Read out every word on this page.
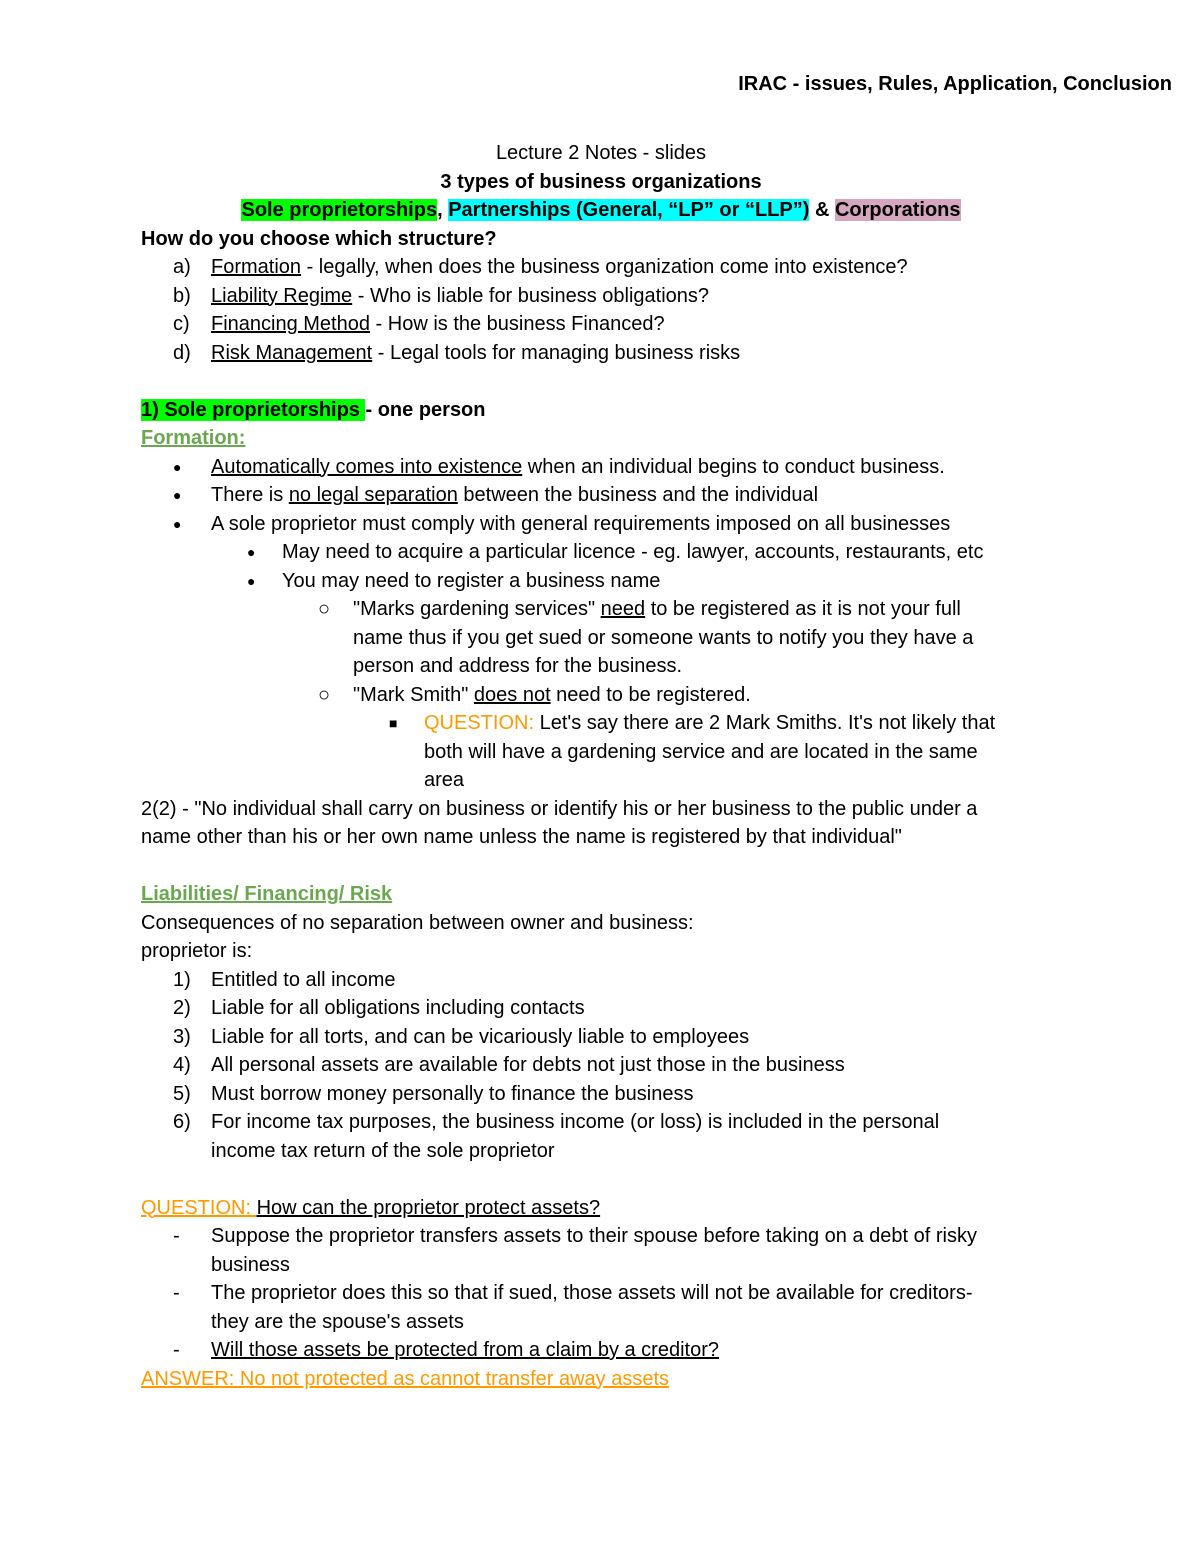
IRAC - issues, Rules, Application, Conclusion
Lecture 2 Notes - slides
3 types of business organizations
Sole proprietorships, Partnerships (General, “LP” or “LLP”) & Corporations
How do you choose which structure?
a)	Formation - legally, when does the business organization come into existence?
b)	Liability Regime - Who is liable for business obligations?
c)	Financing Method - How is the business Financed?
d)	Risk Management - Legal tools for managing business risks
1) Sole proprietorships - one person
Formation:
●	Automatically comes into existence when an individual begins to conduct business.
●	There is no legal separation between the business and the individual
●	A sole proprietor must comply with general requirements imposed on all businesses
●	May need to acquire a particular licence - eg. lawyer, accounts, restaurants, etc
●	You may need to register a business name
○	"Marks gardening services" need to be registered as it is not your full
name thus if you get sued or someone wants to notify you they have a
person and address for the business.
○	"Mark Smith" does not need to be registered.
■	QUESTION: Let's say there are 2 Mark Smiths. It's not likely that
both will have a gardening service and are located in the same
area
2(2) - "No individual shall carry on business or identify his or her business to the public under a
name other than his or her own name unless the name is registered by that individual"
Liabilities/ Financing/ Risk
Consequences of no separation between owner and business:
proprietor is:
1)	Entitled to all income
2)	Liable for all obligations including contacts
3)	Liable for all torts, and can be vicariously liable to employees
4)	All personal assets are available for debts not just those in the business
5)	Must borrow money personally to finance the business
6)	For income tax purposes, the business income (or loss) is included in the personal
income tax return of the sole proprietor
QUESTION: How can the proprietor protect assets?
-	Suppose the proprietor transfers assets to their spouse before taking on a debt of risky
business
-	The proprietor does this so that if sued, those assets will not be available for creditors-
they are the spouse's assets
-	Will those assets be protected from a claim by a creditor?
ANSWER: No not protected as cannot transfer away assets
